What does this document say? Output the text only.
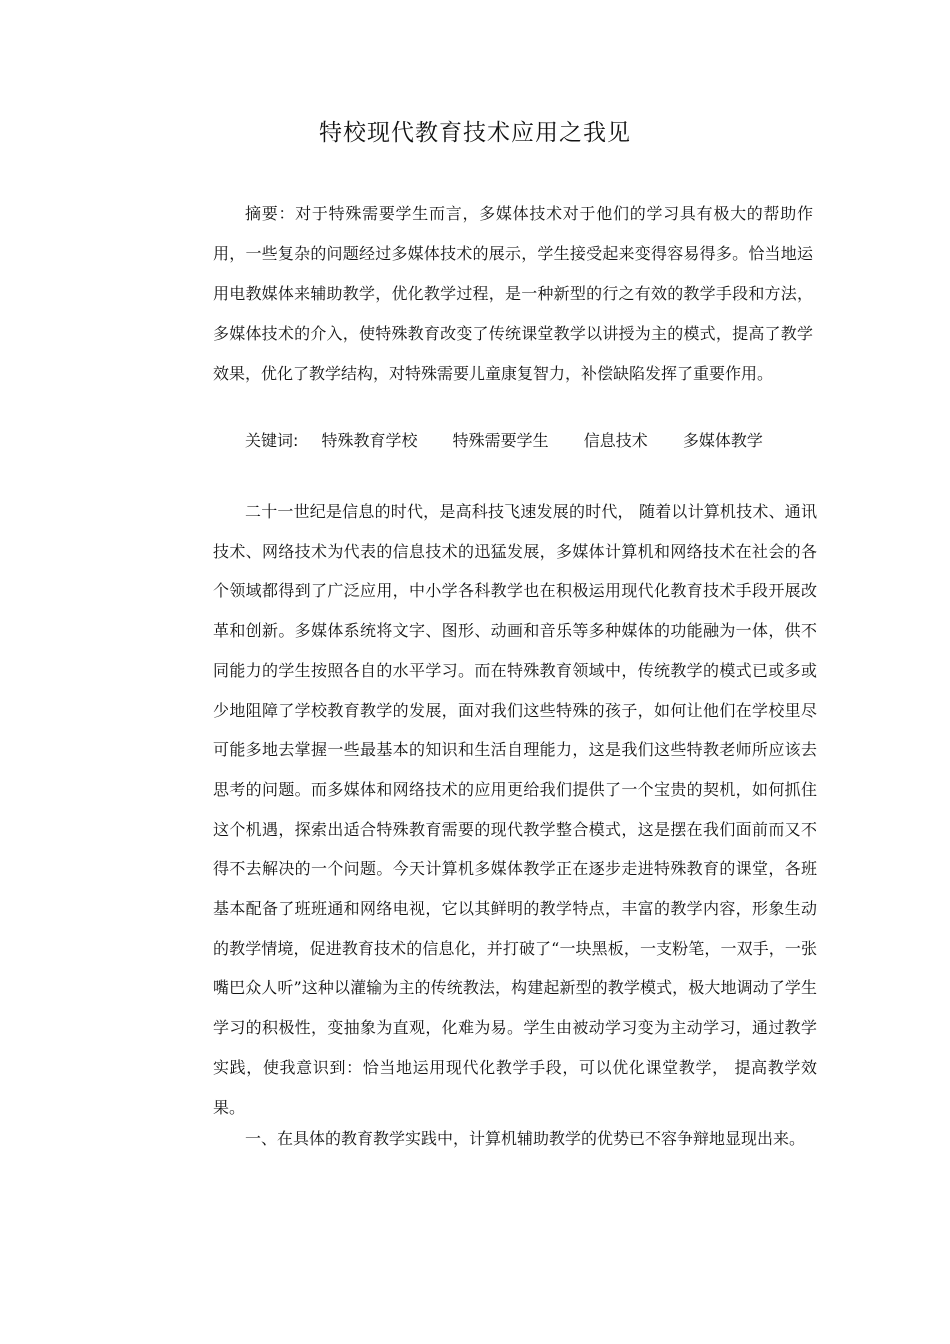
特校现代教育技术应用之我见

摘要：对于特殊需要学生而言，多媒体技术对于他们的学习具有极大的帮助作用，一些复杂的问题经过多媒体技术的展示，学生接受起来变得容易得多。恰当地运用电教媒体来辅助教学，优化教学过程，是一种新型的行之有效的教学手段和方法，多媒体技术的介入，使特殊教育改变了传统课堂教学以讲授为主的模式，提高了教学效果，优化了教学结构，对特殊需要儿童康复智力，补偿缺陷发挥了重要作用。

关键词: 特殊教育学校 特殊需要学生 信息技术 多媒体教学

二十一世纪是信息的时代，是高科技飞速发展的时代， 随着以计算机技术、通讯技术、网络技术为代表的信息技术的迅猛发展，多媒体计算机和网络技术在社会的各个领域都得到了广泛应用，中小学各科教学也在积极运用现代化教育技术手段开展改革和创新。多媒体系统将文字、图形、动画和音乐等多种媒体的功能融为一体，供不同能力的学生按照各自的水平学习。而在特殊教育领域中，传统教学的模式已或多或少地阻障了学校教育教学的发展，面对我们这些特殊的孩子，如何让他们在学校里尽可能多地去掌握一些最基本的知识和生活自理能力，这是我们这些特教老师所应该去思考的问题。而多媒体和网络技术的应用更给我们提供了一个宝贵的契机，如何抓住这个机遇，探索出适合特殊教育需要的现代教学整合模式，这是摆在我们面前而又不得不去解决的一个问题。今天计算机多媒体教学正在逐步走进特殊教育的课堂，各班基本配备了班班通和网络电视，它以其鲜明的教学特点，丰富的教学内容，形象生动的教学情境，促进教育技术的信息化，并打破了“一块黑板，一支粉笔，一双手，一张嘴巴众人听”这种以灌输为主的传统教法，构建起新型的教学模式，极大地调动了学生学习的积极性，变抽象为直观，化难为易。学生由被动学习变为主动学习，通过教学实践，使我意识到：恰当地运用现代化教学手段，可以优化课堂教学， 提高教学效果。

一、在具体的教育教学实践中，计算机辅助教学的优势已不容争辩地显现出来。
